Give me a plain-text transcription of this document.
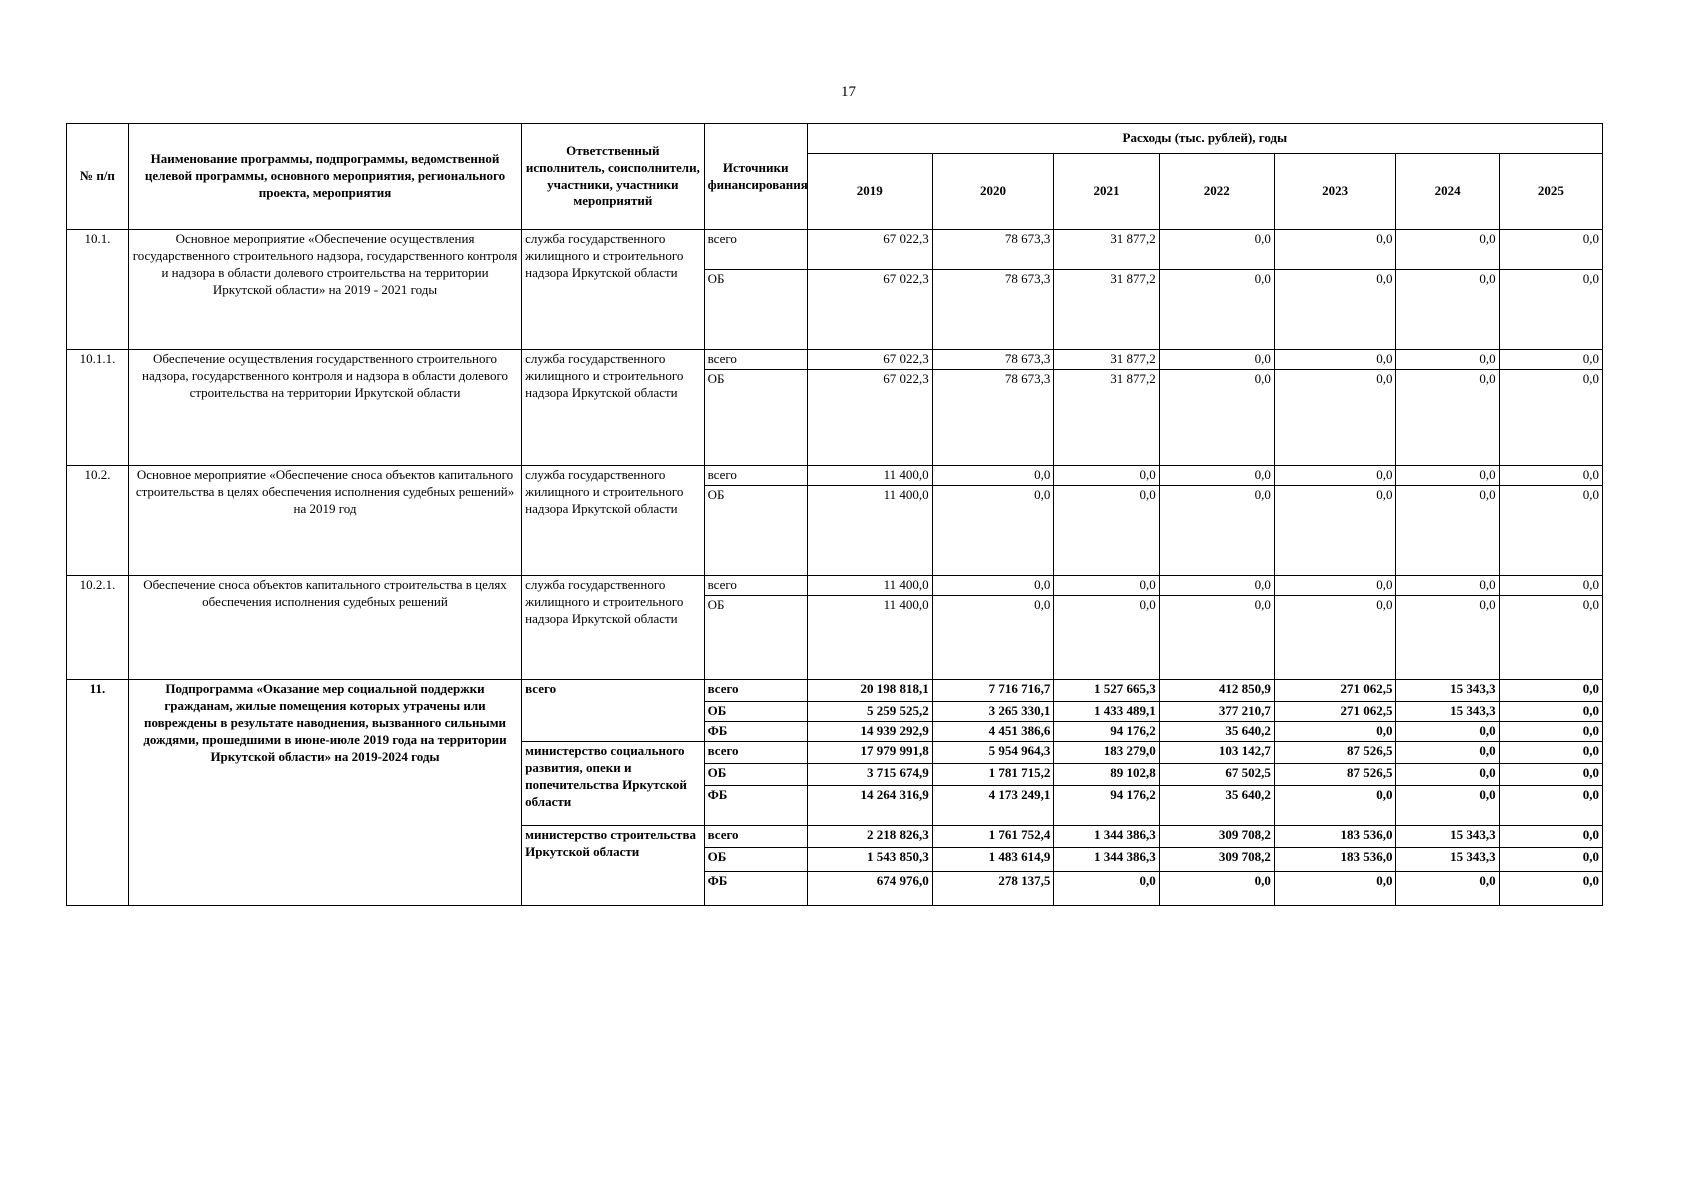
17
№ п/п	Наименование программы, подпрограммы, ведомственной целевой программы, основного мероприятия, регионального проекта, мероприятия	Ответственный исполнитель, соисполнители, участники, участники мероприятий	Источники финансирования	Расходы (тыс. рублей), годы						
				2019	2020	2021	2022	2023	2024	2025
10.1.	Основное мероприятие «Обеспечение осуществления государственного строительного надзора, государственного контроля и надзора в области долевого строительства на территории Иркутской области» на 2019 - 2021 годы	служба государственного жилищного и строительного надзора Иркутской области	всего	67 022,3	78 673,3	31 877,2	0,0	0,0	0,0	0,0
			ОБ	67 022,3	78 673,3	31 877,2	0,0	0,0	0,0	0,0
10.1.1.	Обеспечение осуществления государственного строительного надзора, государственного контроля и надзора в области долевого строительства на территории Иркутской области	служба государственного жилищного и строительного надзора Иркутской области	всего	67 022,3	78 673,3	31 877,2	0,0	0,0	0,0	0,0
			ОБ	67 022,3	78 673,3	31 877,2	0,0	0,0	0,0	0,0
10.2.	Основное мероприятие «Обеспечение сноса объектов капитального строительства в целях обеспечения исполнения судебных решений» на 2019 год	служба государственного жилищного и строительного надзора Иркутской области	всего	11 400,0	0,0	0,0	0,0	0,0	0,0	0,0
			ОБ	11 400,0	0,0	0,0	0,0	0,0	0,0	0,0
10.2.1.	Обеспечение сноса объектов капитального строительства в целях обеспечения исполнения судебных решений	служба государственного жилищного и строительного надзора Иркутской области	всего	11 400,0	0,0	0,0	0,0	0,0	0,0	0,0
			ОБ	11 400,0	0,0	0,0	0,0	0,0	0,0	0,0
11.	Подпрограмма «Оказание мер социальной поддержки гражданам, жилые помещения которых утрачены или повреждены в результате наводнения, вызванного сильными дождями, прошедшими в июне-июле 2019 года на территории Иркутской области» на 2019-2024 годы	всего	всего	20 198 818,1	7 716 716,7	1 527 665,3	412 850,9	271 062,5	15 343,3	0,0
			ОБ	5 259 525,2	3 265 330,1	1 433 489,1	377 210,7	271 062,5	15 343,3	0,0
			ФБ	14 939 292,9	4 451 386,6	94 176,2	35 640,2	0,0	0,0	0,0
		министерство социального развития, опеки и попечительства Иркутской области	всего	17 979 991,8	5 954 964,3	183 279,0	103 142,7	87 526,5	0,0	0,0
			ОБ	3 715 674,9	1 781 715,2	89 102,8	67 502,5	87 526,5	0,0	0,0
			ФБ	14 264 316,9	4 173 249,1	94 176,2	35 640,2	0,0	0,0	0,0
		министерство строительства Иркутской области	всего	2 218 826,3	1 761 752,4	1 344 386,3	309 708,2	183 536,0	15 343,3	0,0
			ОБ	1 543 850,3	1 483 614,9	1 344 386,3	309 708,2	183 536,0	15 343,3	0,0
			ФБ	674 976,0	278 137,5	0,0	0,0	0,0	0,0	0,0
